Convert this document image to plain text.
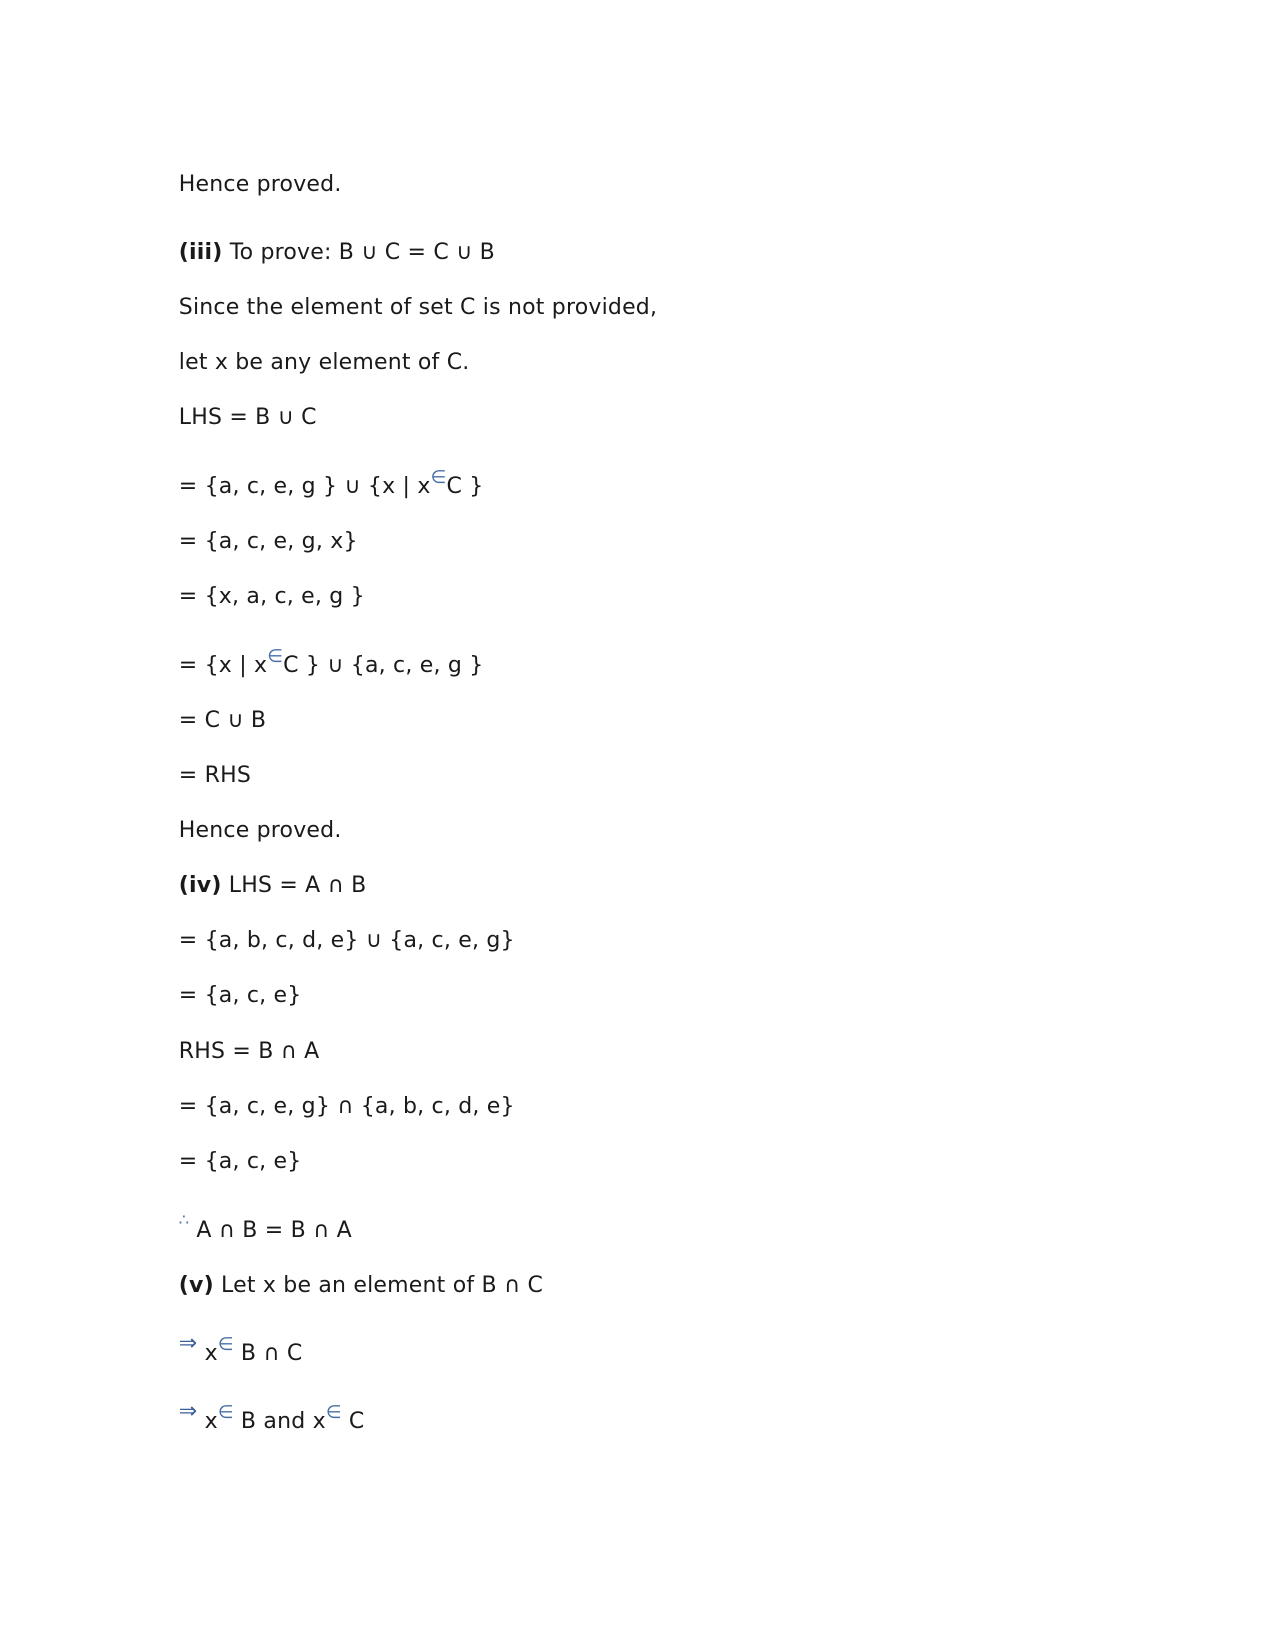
Hence proved.

(iii) To prove: B ∪ C = C ∪ B

Since the element of set C is not provided,

let x be any element of C.

LHS = B ∪ C

= {a, c, e, g } ∪ {x | x∈C }

= {a, c, e, g, x}

= {x, a, c, e, g }

= {x | x∈C } ∪ {a, c, e, g }

= C ∪ B

= RHS

Hence proved.

(iv) LHS = A ∩ B

= {a, b, c, d, e} ∪ {a, c, e, g}

= {a, c, e}

RHS = B ∩ A

= {a, c, e, g} ∩ {a, b, c, d, e}

= {a, c, e}

∴ A ∩ B = B ∩ A

(v) Let x be an element of B ∩ C

⇒ x∈ B ∩ C

⇒ x∈ B and x∈ C
